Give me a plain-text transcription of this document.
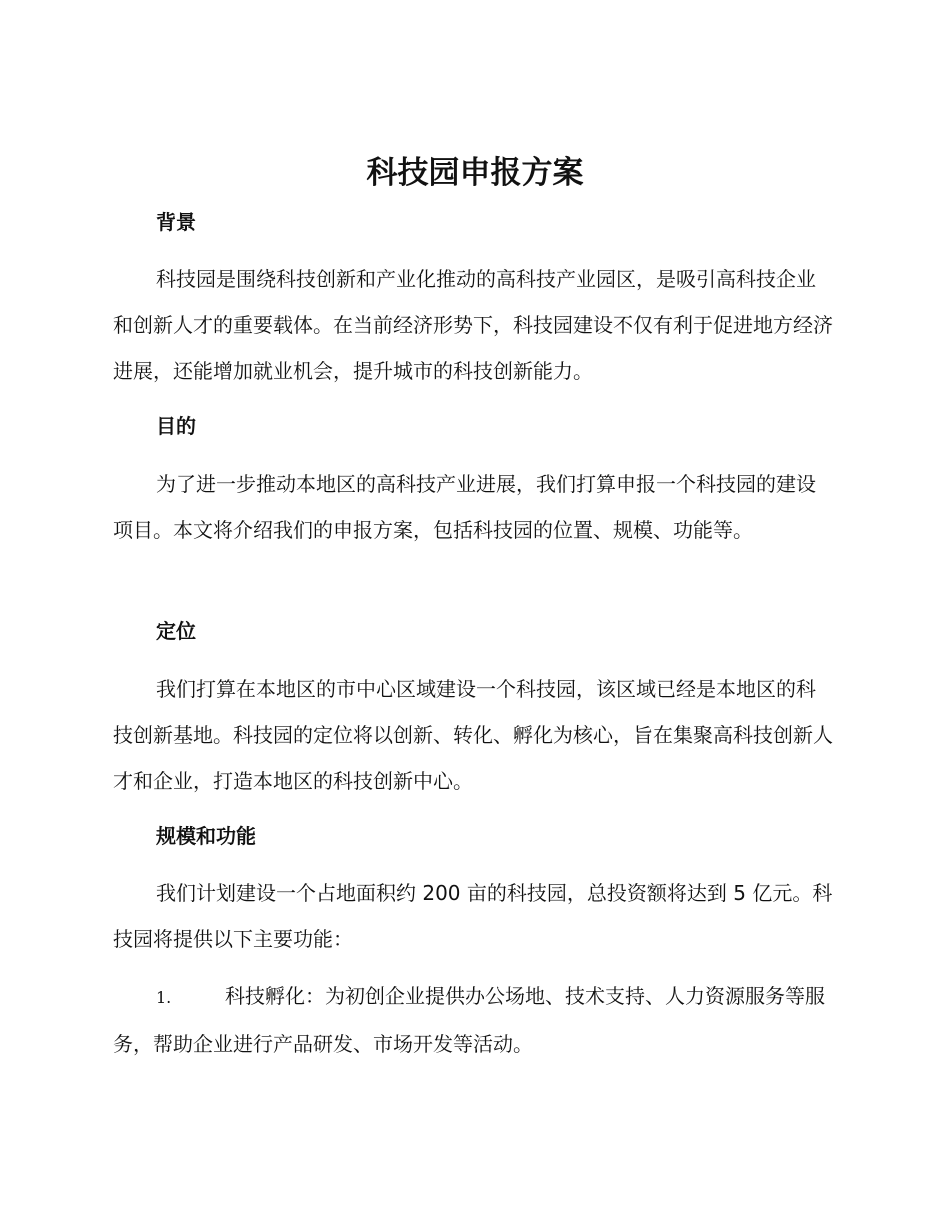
科技园申报方案
背景

科技园是围绕科技创新和产业化推动的高科技产业园区，是吸引高科技企业和创新人才的重要载体。在当前经济形势下，科技园建设不仅有利于促进地方经济进展，还能增加就业机会，提升城市的科技创新能力。

目的

为了进一步推动本地区的高科技产业进展，我们打算申报一个科技园的建设项目。本文将介绍我们的申报方案，包括科技园的位置、规模、功能等。

定位

我们打算在本地区的市中心区域建设一个科技园，该区域已经是本地区的科技创新基地。科技园的定位将以创新、转化、孵化为核心，旨在集聚高科技创新人才和企业，打造本地区的科技创新中心。

规模和功能

我们计划建设一个占地面积约 200 亩的科技园，总投资额将达到 5 亿元。科技园将提供以下主要功能：

1.	科技孵化：为初创企业提供办公场地、技术支持、人力资源服务等服务，帮助企业进行产品研发、市场开发等活动。
